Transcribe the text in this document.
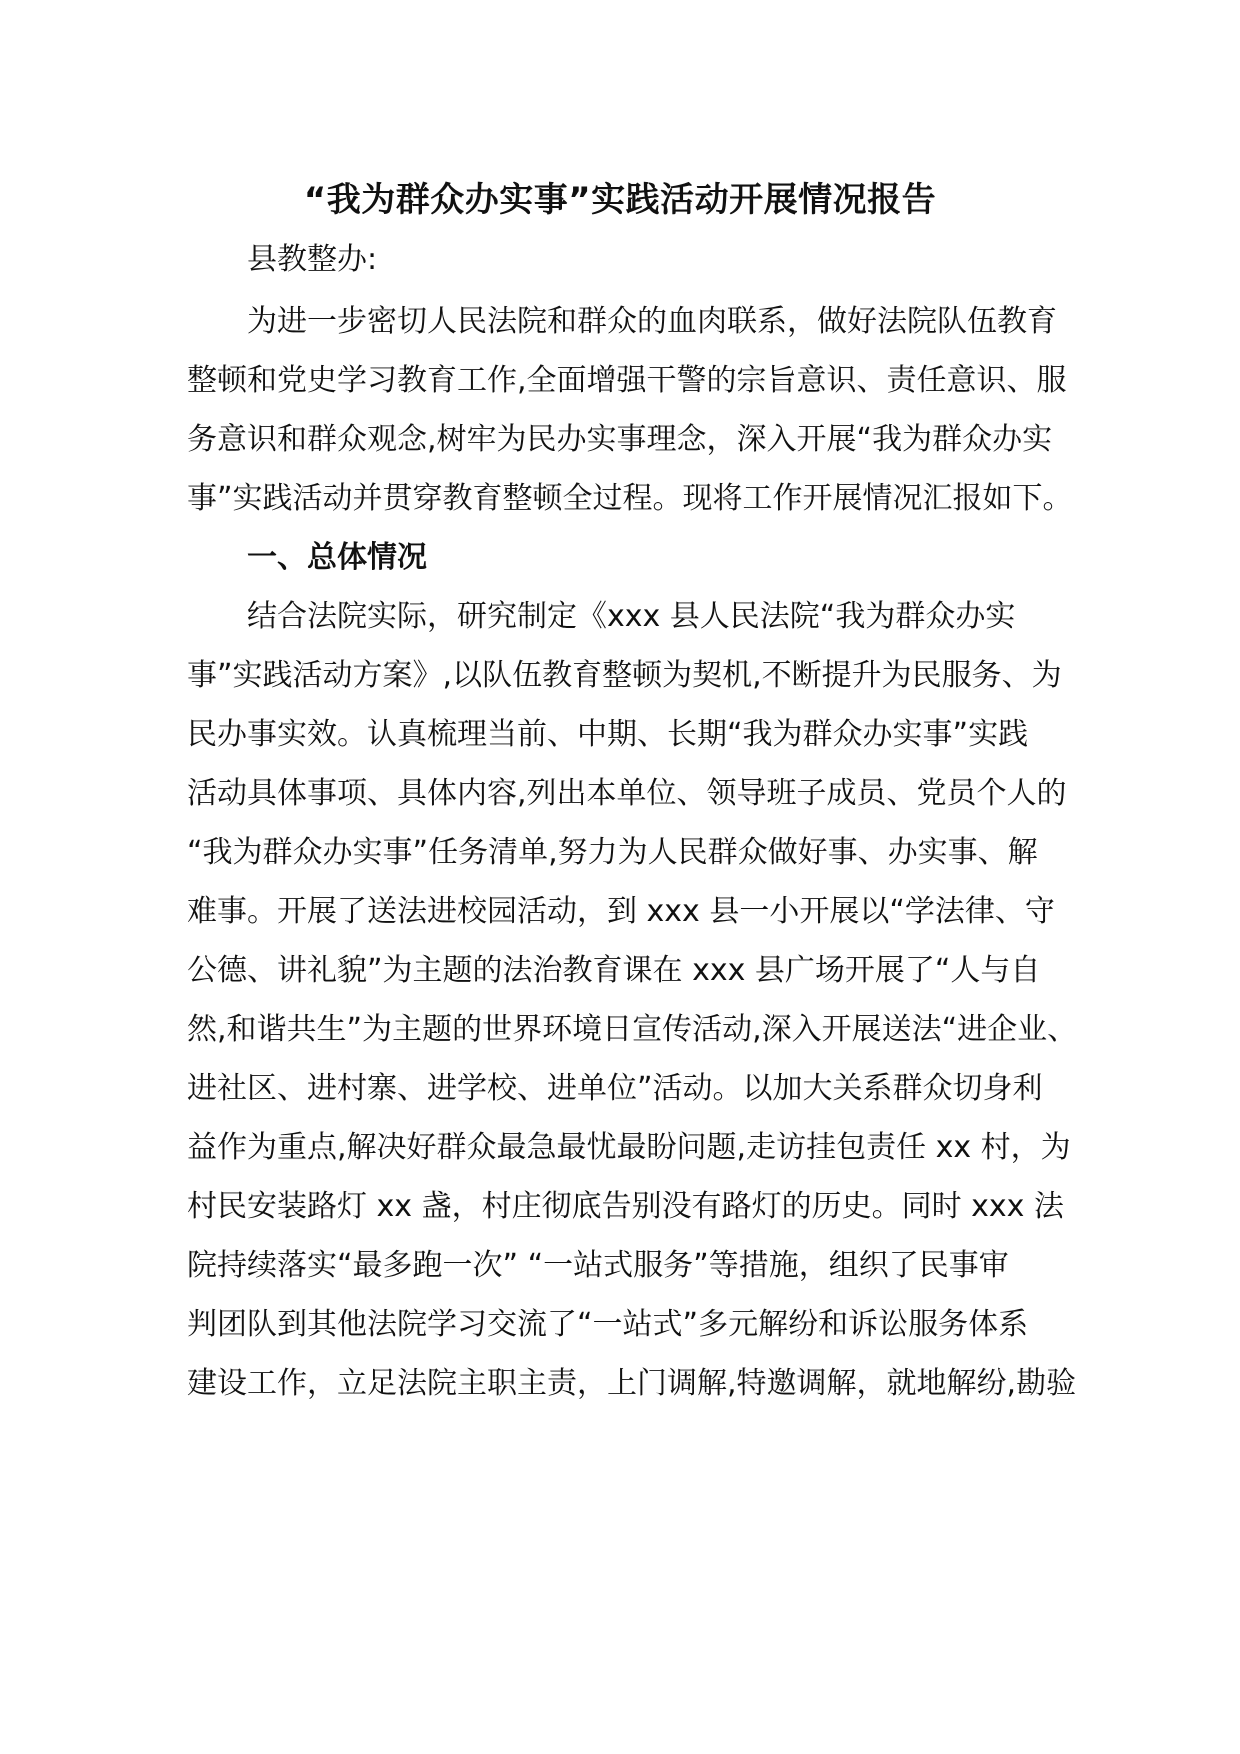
“我为群众办实事”实践活动开展情况报告

县教整办:

为进一步密切人民法院和群众的血肉联系，做好法院队伍教育

整顿和党史学习教育工作,全面增强干警的宗旨意识、责任意识、服

务意识和群众观念,树牢为民办实事理念，深入开展“我为群众办实

事”实践活动并贯穿教育整顿全过程。现将工作开展情况汇报如下。

一、总体情况

结合法院实际，研究制定《xxx 县人民法院“我为群众办实

事”实践活动方案》,以队伍教育整顿为契机,不断提升为民服务、为

民办事实效。认真梳理当前、中期、长期“我为群众办实事”实践

活动具体事项、具体内容,列出本单位、领导班子成员、党员个人的

“我为群众办实事”任务清单,努力为人民群众做好事、办实事、解

难事。开展了送法进校园活动，到 xxx 县一小开展以“学法律、守

公德、讲礼貌”为主题的法治教育课在 xxx 县广场开展了“人与自

然,和谐共生”为主题的世界环境日宣传活动,深入开展送法“进企业、

进社区、进村寨、进学校、进单位”活动。以加大关系群众切身利

益作为重点,解决好群众最急最忧最盼问题,走访挂包责任 xx 村，为

村民安装路灯 xx 盏，村庄彻底告别没有路灯的历史。同时 xxx 法

院持续落实“最多跑一次” “一站式服务”等措施，组织了民事审

判团队到其他法院学习交流了“一站式”多元解纷和诉讼服务体系

建设工作，立足法院主职主责，上门调解,特邀调解，就地解纷,勘验
